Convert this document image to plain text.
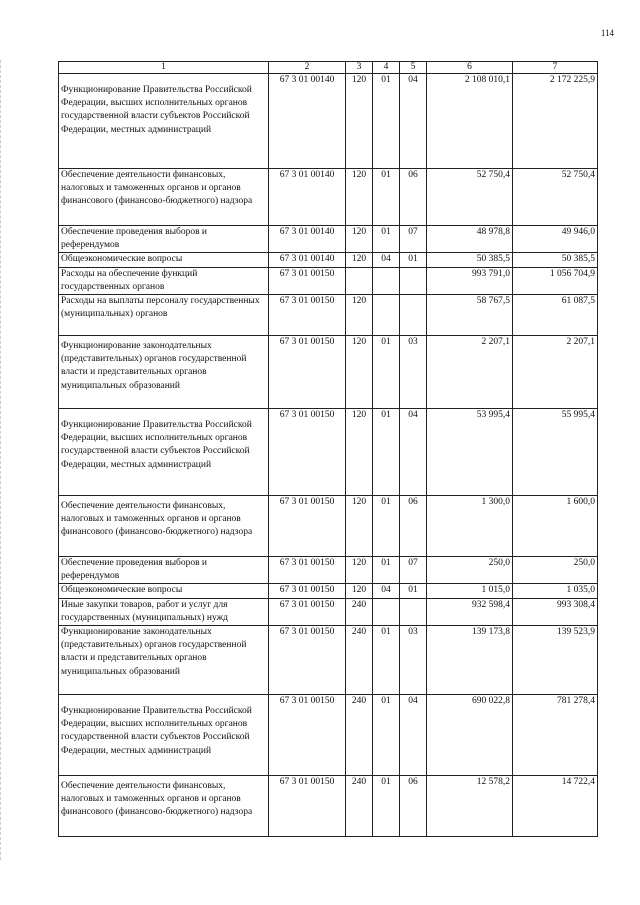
114
1	2	3	4	5	6	7
Функционирование Правительства Российской Федерации, высших исполнительных органов государственной власти субъектов Российской Федерации, местных администраций	67 3 01 00140	120	01	04	2 108 010,1	2 172 225,9
Обеспечение деятельности финансовых, налоговых и таможенных органов и органов финансового (финансово-бюджетного) надзора	67 3 01 00140	120	01	06	52 750,4	52 750,4
Обеспечение проведения выборов и референдумов	67 3 01 00140	120	01	07	48 978,8	49 946,0
Общеэкономические вопросы	67 3 01 00140	120	04	01	50 385,5	50 385,5
Расходы на обеспечение функций государственных органов	67 3 01 00150				993 791,0	1 056 704,9
Расходы на выплаты персоналу государственных (муниципальных) органов	67 3 01 00150	120			58 767,5	61 087,5
Функционирование законодательных (представительных) органов государственной власти и представительных органов муниципальных образований	67 3 01 00150	120	01	03	2 207,1	2 207,1
Функционирование Правительства Российской Федерации, высших исполнительных органов государственной власти субъектов Российской Федерации, местных администраций	67 3 01 00150	120	01	04	53 995,4	55 995,4
Обеспечение деятельности финансовых, налоговых и таможенных органов и органов финансового (финансово-бюджетного) надзора	67 3 01 00150	120	01	06	1 300,0	1 600,0
Обеспечение проведения выборов и референдумов	67 3 01 00150	120	01	07	250,0	250,0
Общеэкономические вопросы	67 3 01 00150	120	04	01	1 015,0	1 035,0
Иные закупки товаров, работ и услуг для государственных (муниципальных) нужд	67 3 01 00150	240			932 598,4	993 308,4
Функционирование законодательных (представительных) органов государственной власти и представительных органов муниципальных образований	67 3 01 00150	240	01	03	139 173,8	139 523,9
Функционирование Правительства Российской Федерации, высших исполнительных органов государственной власти субъектов Российской Федерации, местных администраций	67 3 01 00150	240	01	04	690 022,8	781 278,4
Обеспечение деятельности финансовых, налоговых и таможенных органов и органов финансового (финансово-бюджетного) надзора	67 3 01 00150	240	01	06	12 578,2	14 722,4
